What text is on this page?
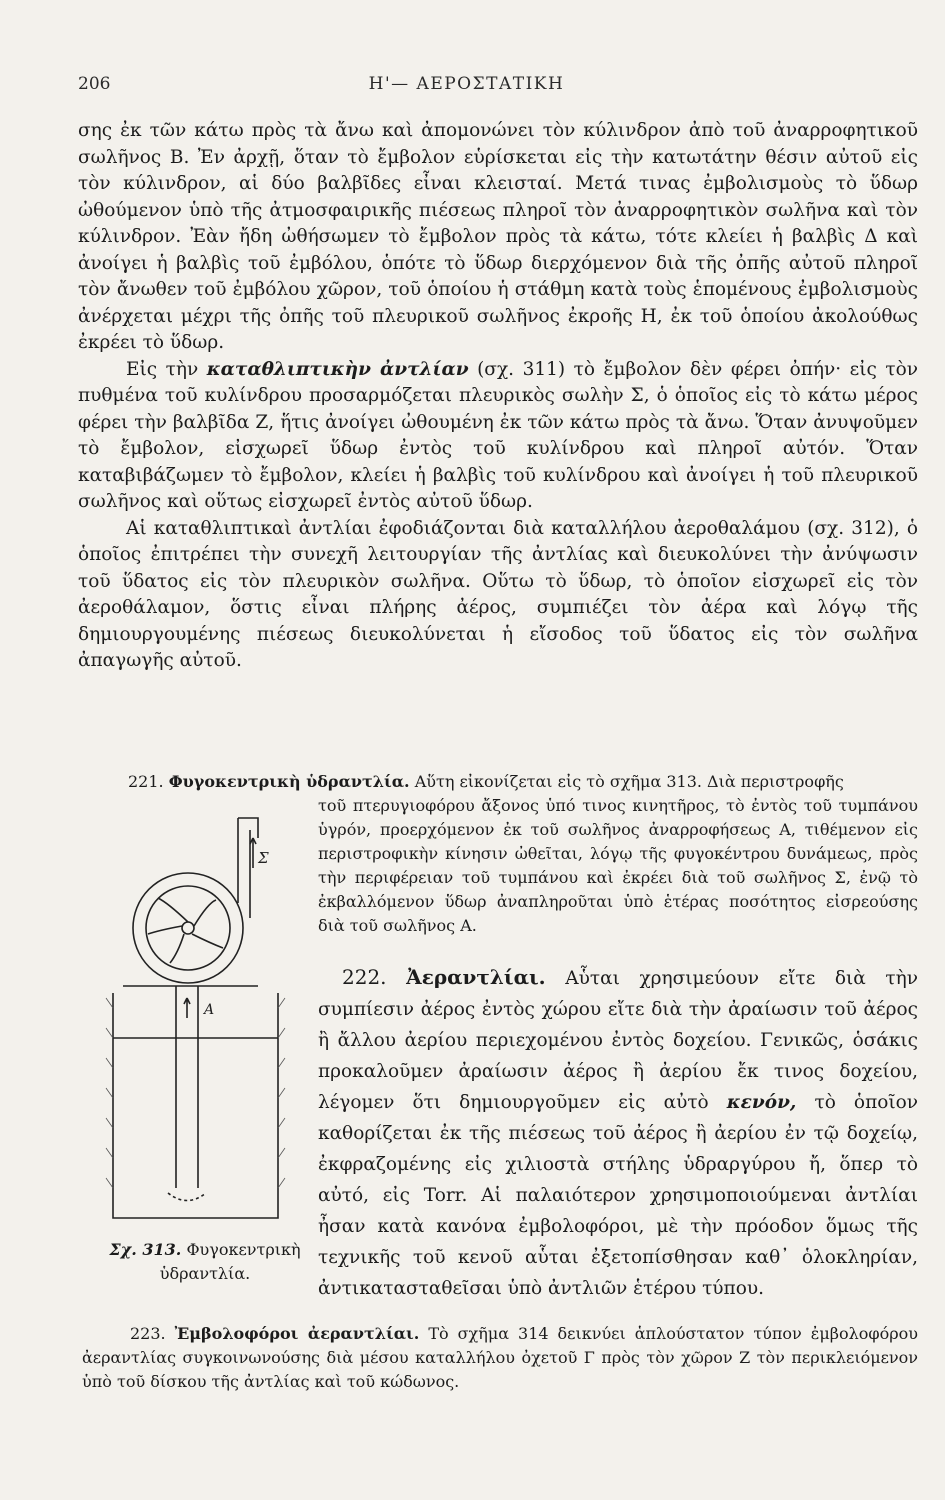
206	Η'— ΑΕΡΟΣΤΑΤΙΚΗ

σης ἐκ τῶν κάτω πρὸς τὰ ἄνω καὶ ἀπομονώνει τὸν κύλινδρον ἀπὸ τοῦ ἀναρροφητικοῦ σωλῆνος Β. Ἐν ἀρχῇ, ὅταν τὸ ἔμβολον εὑρίσκεται εἰς τὴν κατωτάτην θέσιν αὐτοῦ εἰς τὸν κύλινδρον, αἱ δύο βαλβῖδες εἶναι κλεισταί. Μετά τινας ἐμβολισμοὺς τὸ ὕδωρ ὠθούμενον ὑπὸ τῆς ἀτμοσφαιρικῆς πιέσεως πληροῖ τὸν ἀναρροφητικὸν σωλῆνα καὶ τὸν κύλινδρον. Ἐὰν ἤδη ὠθήσωμεν τὸ ἔμβολον πρὸς τὰ κάτω, τότε κλείει ἡ βαλβὶς Δ καὶ ἀνοίγει ἡ βαλβὶς τοῦ ἐμβόλου, ὁπότε τὸ ὕδωρ διερχόμενον διὰ τῆς ὀπῆς αὐτοῦ πληροῖ τὸν ἄνωθεν τοῦ ἐμβόλου χῶρον, τοῦ ὁποίου ἡ στάθμη κατὰ τοὺς ἑπομένους ἐμβολισμοὺς ἀνέρχεται μέχρι τῆς ὀπῆς τοῦ πλευρικοῦ σωλῆνος ἐκροῆς Η, ἐκ τοῦ ὁποίου ἀκολούθως ἐκρέει τὸ ὕδωρ.

Εἰς τὴν καταθλιπτικὴν ἀντλίαν (σχ. 311) τὸ ἔμβολον δὲν φέρει ὀπήν· εἰς τὸν πυθμένα τοῦ κυλίνδρου προσαρμόζεται πλευρικὸς σωλὴν Σ, ὁ ὁποῖος εἰς τὸ κάτω μέρος φέρει τὴν βαλβῖδα Ζ, ἥτις ἀνοίγει ὠθουμένη ἐκ τῶν κάτω πρὸς τὰ ἄνω. Ὅταν ἀνυψοῦμεν τὸ ἔμβολον, εἰσχωρεῖ ὕδωρ ἐντὸς τοῦ κυλίνδρου καὶ πληροῖ αὐτόν. Ὅταν καταβιβάζωμεν τὸ ἔμβολον, κλείει ἡ βαλβὶς τοῦ κυλίνδρου καὶ ἀνοίγει ἡ τοῦ πλευρικοῦ σωλῆνος καὶ οὕτως εἰσχωρεῖ ἐντὸς αὐτοῦ ὕδωρ.

Αἱ καταθλιπτικαὶ ἀντλίαι ἐφοδιάζονται διὰ καταλλήλου ἀεροθαλάμου (σχ. 312), ὁ ὁποῖος ἐπιτρέπει τὴν συνεχῆ λειτουργίαν τῆς ἀντλίας καὶ διευκολύνει τὴν ἀνύψωσιν τοῦ ὕδατος εἰς τὸν πλευρικὸν σωλῆνα. Οὕτω τὸ ὕδωρ, τὸ ὁποῖον εἰσχωρεῖ εἰς τὸν ἀεροθάλαμον, ὅστις εἶναι πλήρης ἀέρος, συμπιέζει τὸν ἀέρα καὶ λόγῳ τῆς δημιουργουμένης πιέσεως διευκολύνεται ἡ εἴσοδος τοῦ ὕδατος εἰς τὸν σωλῆνα ἀπαγωγῆς αὐτοῦ.

221. Φυγοκεντρικὴ ὑδραντλία. Αὕτη εἰκονίζεται εἰς τὸ σχῆμα 313. Διὰ περιστροφῆς

τοῦ πτερυγιοφόρου ἄξονος ὑπό τινος κινητῆρος, τὸ ἐντὸς τοῦ τυμπάνου ὑγρόν, προερχόμενον ἐκ τοῦ σωλῆνος ἀναρροφήσεως Α, τιθέμενον εἰς περιστροφικὴν κίνησιν ὠθεῖται, λόγῳ τῆς φυγοκέντρου δυνάμεως, πρὸς τὴν περιφέρειαν τοῦ τυμπάνου καὶ ἐκρέει διὰ τοῦ σωλῆνος Σ, ἐνῷ τὸ ἐκβαλλόμενον ὕδωρ ἀναπληροῦται ὑπὸ ἑτέρας ποσότητος εἰσρεούσης διὰ τοῦ σωλῆνος Α.

Σ
A
Σχ. 313. Φυγοκεντρικὴ ὑδραντλία.

222. Ἀεραντλίαι. Αὗται χρησιμεύουν εἴτε διὰ τὴν συμπίεσιν ἀέρος ἐντὸς χώρου εἴτε διὰ τὴν ἀραίωσιν τοῦ ἀέρος ἢ ἄλλου ἀερίου περιεχομένου ἐντὸς δοχείου. Γενικῶς, ὁσάκις προκαλοῦμεν ἀραίωσιν ἀέρος ἢ ἀερίου ἔκ τινος δοχείου, λέγομεν ὅτι δημιουργοῦμεν εἰς αὐτὸ κενόν, τὸ ὁποῖον καθορίζεται ἐκ τῆς πιέσεως τοῦ ἀέρος ἢ ἀερίου ἐν τῷ δοχείῳ, ἐκφραζομένης εἰς χιλιοστὰ στήλης ὑδραργύρου ἤ, ὅπερ τὸ αὐτό, εἰς Torr. Αἱ παλαιότερον χρησιμοποιούμεναι ἀντλίαι ἦσαν κατὰ κανόνα ἐμβολοφόροι, μὲ τὴν πρόοδον ὅμως τῆς τεχνικῆς τοῦ κενοῦ αὗται ἐξετοπίσθησαν καθ᾽ ὁλοκληρίαν, ἀντικατασταθεῖσαι ὑπὸ ἀντλιῶν ἑτέρου τύπου.

223. Ἐμβολοφόροι ἀεραντλίαι. Τὸ σχῆμα 314 δεικνύει ἁπλούστατον τύπον ἐμβολοφόρου ἀεραντλίας συγκοινωνούσης διὰ μέσου καταλλήλου ὀχετοῦ Γ πρὸς τὸν χῶρον Ζ τὸν περικλειόμενον ὑπὸ τοῦ δίσκου τῆς ἀντλίας καὶ τοῦ κώδωνος.
